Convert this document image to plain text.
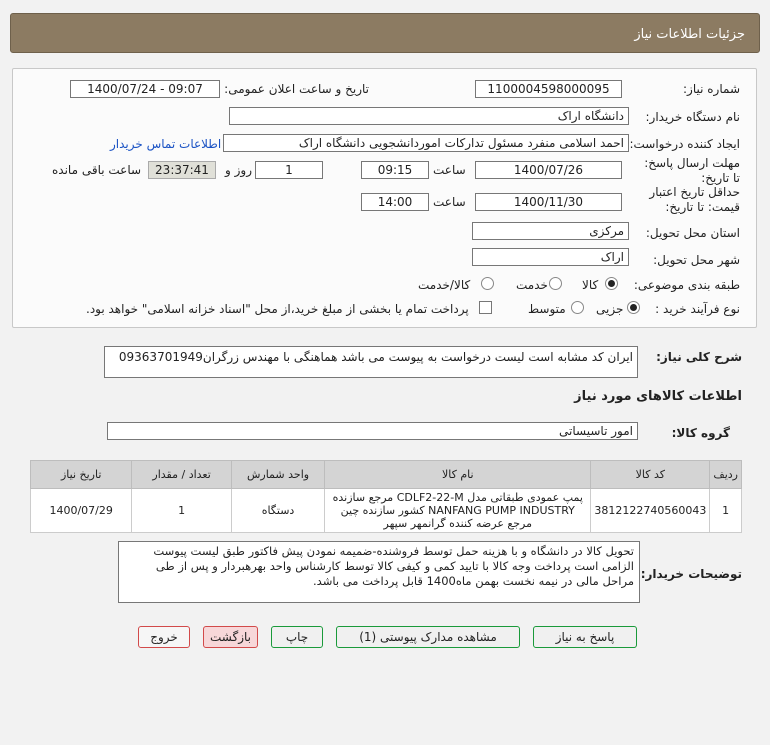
جزئیات اطلاعات نیاز
شماره نیاز:
1100004598000095
تاریخ و ساعت اعلان عمومی:
1400/07/24 - 09:07
نام دستگاه خریدار:
دانشگاه اراک
ایجاد کننده درخواست:
احمد اسلامی منفرد مسئول تدارکات اموردانشجویی دانشگاه اراک
اطلاعات تماس خریدار
مهلت ارسال پاسخ: تا تاریخ:
1400/07/26
ساعت
09:15
1
روز و
23:37:41
ساعت باقی مانده
حداقل تاریخ اعتبار قیمت: تا تاریخ:
1400/11/30
ساعت
14:00
استان محل تحویل:
مرکزی
شهر محل تحویل:
اراک
طبقه بندی موضوعی:
کالا
خدمت
کالا/خدمت
نوع فرآیند خرید :
جزیی
متوسط
پرداخت تمام یا بخشی از مبلغ خرید،از محل "اسناد خزانه اسلامی" خواهد بود.
شرح کلی نیاز:
ایران کد مشابه است لیست درخواست به پیوست می باشد هماهنگی با مهندس زرگران09363701949
اطلاعات کالاهای مورد نیاز
گروه کالا:
امور تاسیساتی
ردیف	کد کالا	نام کالا	واحد شمارش	تعداد / مقدار	تاریخ نیاز
1	3812122740560043	پمپ عمودی طبقاتی مدل CDLF2-22-M مرجع سازنده NANFANG PUMP INDUSTRY کشور سازنده چین مرجع عرضه کننده گرانمهر سپهر	دستگاه	1	1400/07/29
توضیحات خریدار:
تحویل کالا در دانشگاه و با هزینه حمل توسط فروشنده-ضمیمه نمودن پیش فاکتور طبق لیست پیوست الزامی است پرداخت وجه کالا با تایید کمی و کیفی کالا توسط کارشناس واحد بهرهبردار و پس از طی مراحل مالی در نیمه نخست بهمن ماه1400 قابل پرداخت می باشد.
پاسخ به نیاز
مشاهده مدارک پیوستی (1)
چاپ
بازگشت
خروج
